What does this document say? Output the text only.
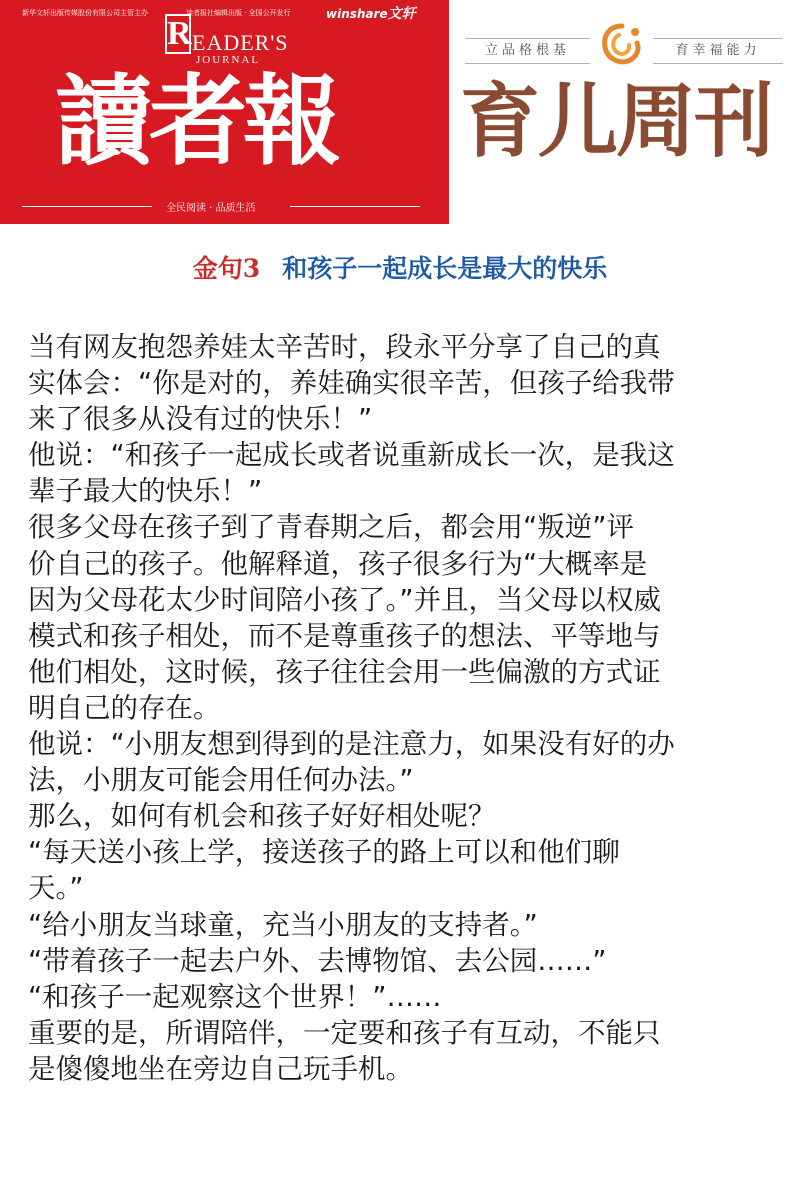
新华文轩出版传媒股份有限公司主管主办	读者报社编辑出版 · 全国公开发行	winshare文轩
R EADER'S
JOURNAL
讀者報
全民阅读 · 品质生活
立品格根基	育幸福能力
育儿周刊
金句3 和孩子一起成长是最大的快乐
当有网友抱怨养娃太辛苦时，段永平分享了自己的真
实体会：“你是对的，养娃确实很辛苦，但孩子给我带
来了很多从没有过的快乐！”
他说：“和孩子一起成长或者说重新成长一次，是我这
辈子最大的快乐！”
很多父母在孩子到了青春期之后，都会用“叛逆”评
价自己的孩子。他解释道，孩子很多行为“大概率是
因为父母花太少时间陪小孩了。”并且，当父母以权威
模式和孩子相处，而不是尊重孩子的想法、平等地与
他们相处，这时候，孩子往往会用一些偏激的方式证
明自己的存在。
他说：“小朋友想到得到的是注意力，如果没有好的办
法，小朋友可能会用任何办法。”
那么，如何有机会和孩子好好相处呢？
“每天送小孩上学，接送孩子的路上可以和他们聊
天。”
“给小朋友当球童，充当小朋友的支持者。”
“带着孩子一起去户外、去博物馆、去公园……”
“和孩子一起观察这个世界！”……
重要的是，所谓陪伴，一定要和孩子有互动，不能只
是傻傻地坐在旁边自己玩手机。
